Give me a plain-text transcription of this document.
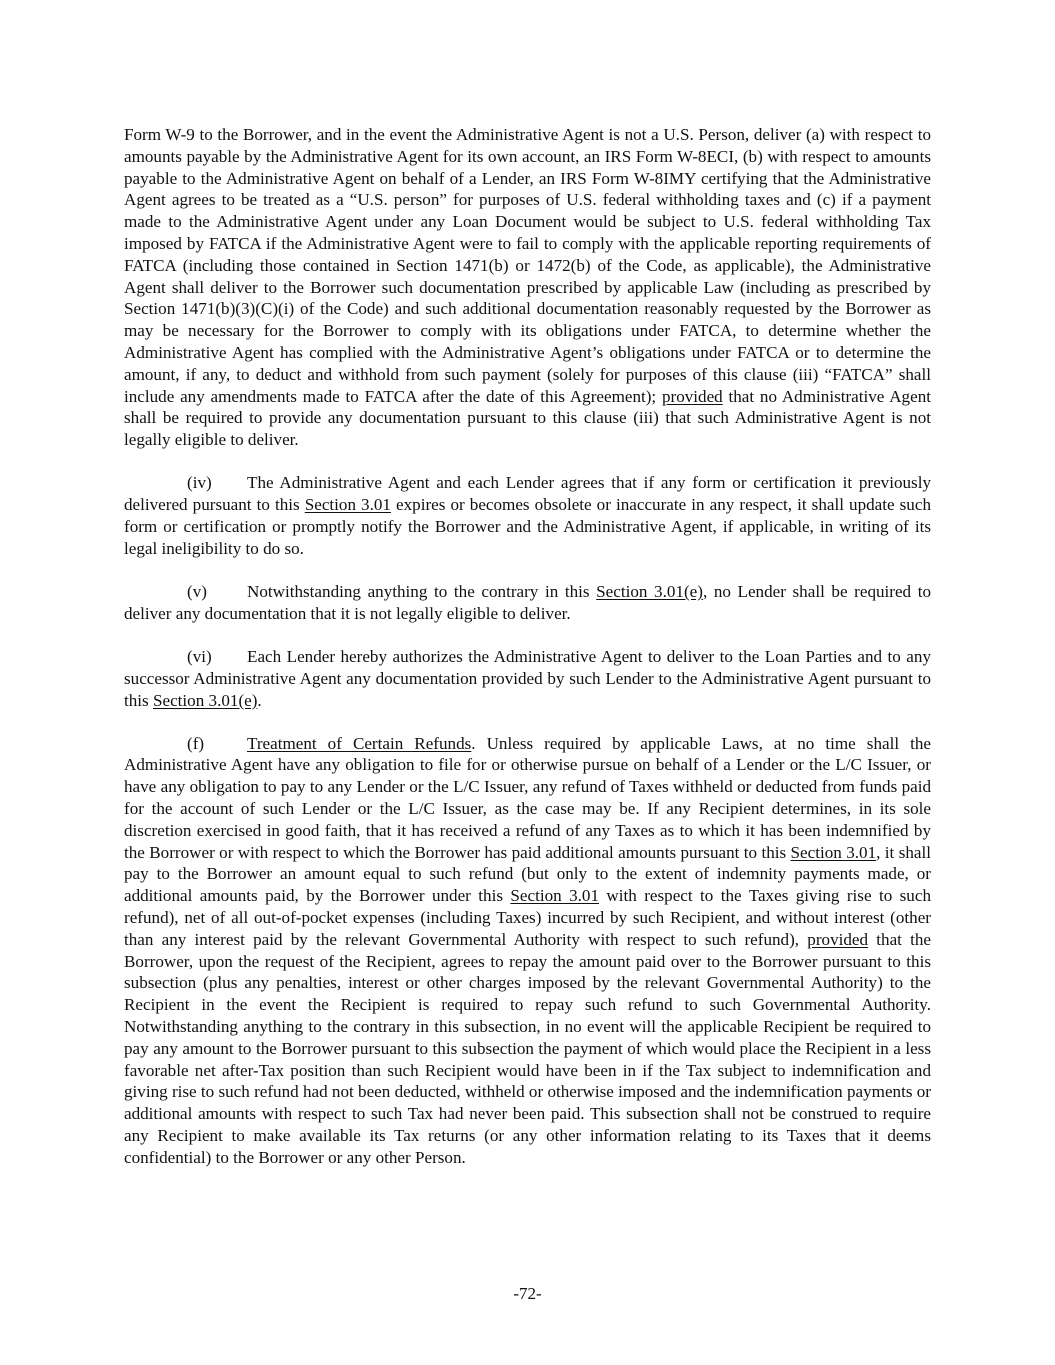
Form W-9 to the Borrower, and in the event the Administrative Agent is not a U.S. Person, deliver (a) with respect to amounts payable by the Administrative Agent for its own account, an IRS Form W-8ECI, (b) with respect to amounts payable to the Administrative Agent on behalf of a Lender, an IRS Form W-8IMY certifying that the Administrative Agent agrees to be treated as a “U.S. person” for purposes of U.S. federal withholding taxes and (c) if a payment made to the Administrative Agent under any Loan Document would be subject to U.S. federal withholding Tax imposed by FATCA if the Administrative Agent were to fail to comply with the applicable reporting requirements of FATCA (including those contained in Section 1471(b) or 1472(b) of the Code, as applicable), the Administrative Agent shall deliver to the Borrower such documentation prescribed by applicable Law (including as prescribed by Section 1471(b)(3)(C)(i) of the Code) and such additional documentation reasonably requested by the Borrower as may be necessary for the Borrower to comply with its obligations under FATCA, to determine whether the Administrative Agent has complied with the Administrative Agent’s obligations under FATCA or to determine the amount, if any, to deduct and withhold from such payment (solely for purposes of this clause (iii) “FATCA” shall include any amendments made to FATCA after the date of this Agreement); provided that no Administrative Agent shall be required to provide any documentation pursuant to this clause (iii) that such Administrative Agent is not legally eligible to deliver.

(iv) The Administrative Agent and each Lender agrees that if any form or certification it previously delivered pursuant to this Section 3.01 expires or becomes obsolete or inaccurate in any respect, it shall update such form or certification or promptly notify the Borrower and the Administrative Agent, if applicable, in writing of its legal ineligibility to do so.

(v) Notwithstanding anything to the contrary in this Section 3.01(e), no Lender shall be required to deliver any documentation that it is not legally eligible to deliver.

(vi) Each Lender hereby authorizes the Administrative Agent to deliver to the Loan Parties and to any successor Administrative Agent any documentation provided by such Lender to the Administrative Agent pursuant to this Section 3.01(e).

(f)	Treatment of Certain Refunds. Unless required by applicable Laws, at no time shall the Administrative Agent have any obligation to file for or otherwise pursue on behalf of a Lender or the L/C Issuer, or have any obligation to pay to any Lender or the L/C Issuer, any refund of Taxes withheld or deducted from funds paid for the account of such Lender or the L/C Issuer, as the case may be. If any Recipient determines, in its sole discretion exercised in good faith, that it has received a refund of any Taxes as to which it has been indemnified by the Borrower or with respect to which the Borrower has paid additional amounts pursuant to this Section 3.01, it shall pay to the Borrower an amount equal to such refund (but only to the extent of indemnity payments made, or additional amounts paid, by the Borrower under this Section 3.01 with respect to the Taxes giving rise to such refund), net of all out-of-pocket expenses (including Taxes) incurred by such Recipient, and without interest (other than any interest paid by the relevant Governmental Authority with respect to such refund), provided that the Borrower, upon the request of the Recipient, agrees to repay the amount paid over to the Borrower pursuant to this subsection (plus any penalties, interest or other charges imposed by the relevant Governmental Authority) to the Recipient in the event the Recipient is required to repay such refund to such Governmental Authority. Notwithstanding anything to the contrary in this subsection, in no event will the applicable Recipient be required to pay any amount to the Borrower pursuant to this subsection the payment of which would place the Recipient in a less favorable net after-Tax position than such Recipient would have been in if the Tax subject to indemnification and giving rise to such refund had not been deducted, withheld or otherwise imposed and the indemnification payments or additional amounts with respect to such Tax had never been paid. This subsection shall not be construed to require any Recipient to make available its Tax returns (or any other information relating to its Taxes that it deems confidential) to the Borrower or any other Person.

-72-
